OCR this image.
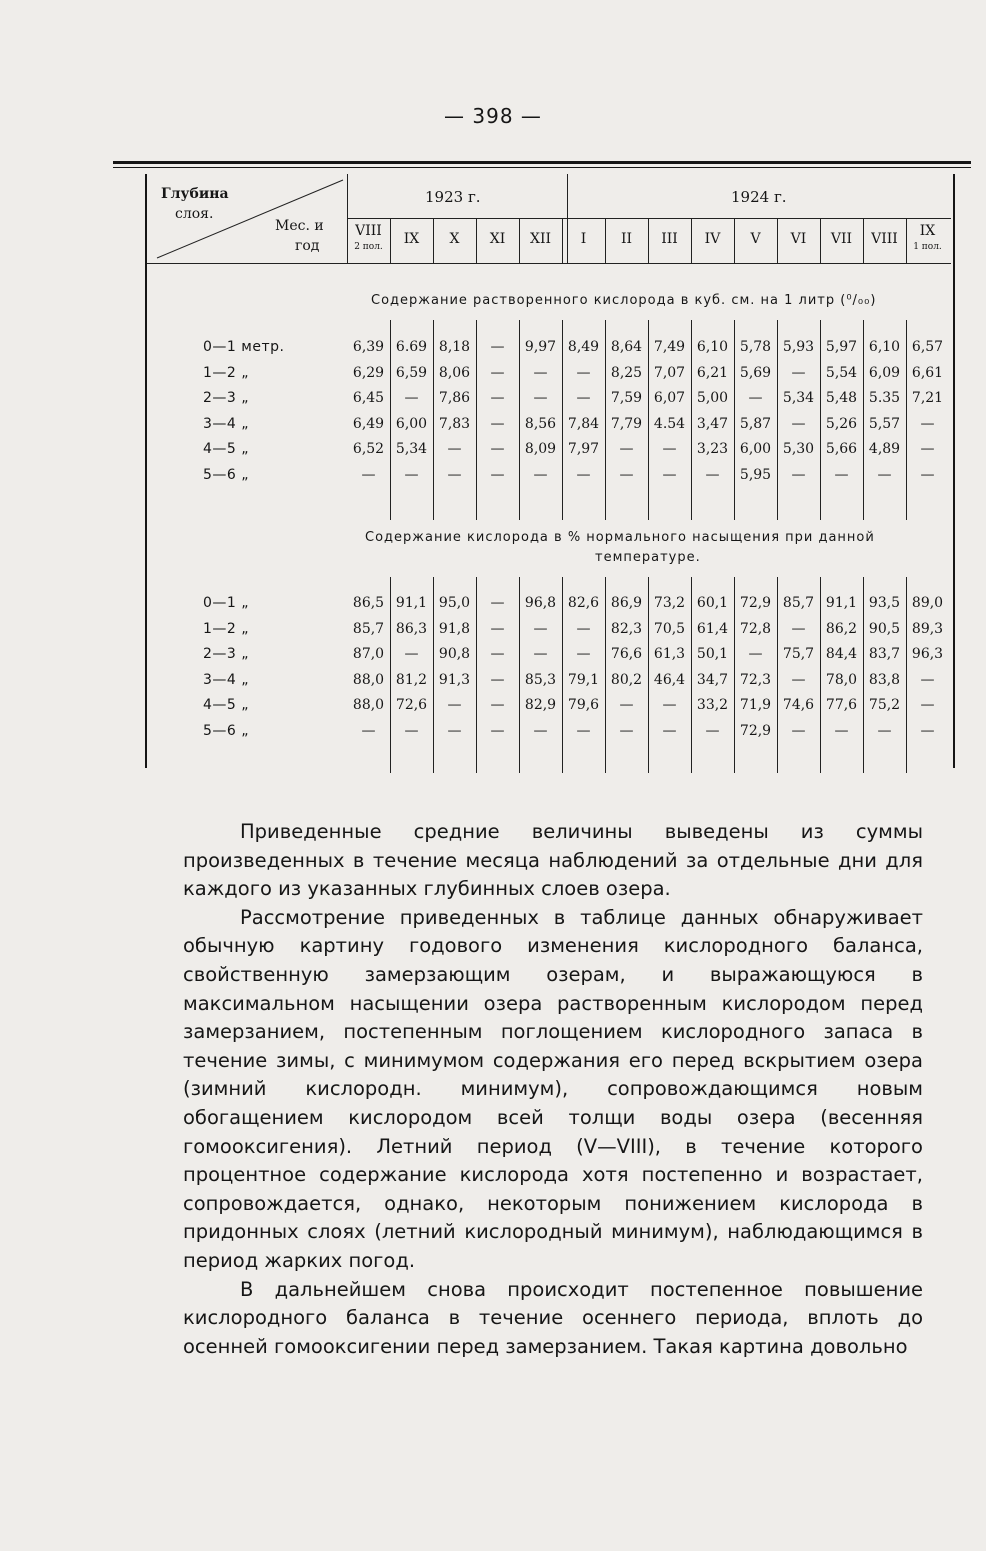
— 398 —
Глубина
слоя.
Мес. и
год
1923 г.	1924 г.
VIII
2 пол.	IX	X	XI	XII	I	II	III	IV	V	VI	VII	VIII	IX
1 пол.
Содержание растворенного кислорода в куб. см. на 1 литр (⁰/₀₀)
Содержание кислорода в % нормального насыщения при данной
температуре.
0—1 метр.	6,39 6.69 8,18	—	9,97 8,49 8,64 7,49 6,10 5,78 5,93 5,97 6,10 6,57
1—2 „	6,29 6,59 8,06	—	—	—	8,25 7,07 6,21 5,69	—	5,54 6,09 6,61
2—3 „	6,45	—	7,86	—	—	—	7,59 6,07 5,00	—	5,34 5,48 5.35 7,21
3—4 „	6,49 6,00 7,83	—	8,56 7,84 7,79 4.54 3,47 5,87	—	5,26 5,57	—
4—5 „	6,52 5,34	—	—	8,09 7,97	—	—	3,23 6,00 5,30 5,66 4,89	—
5—6 „	—	—	—	—	—	—	—	—	—	5,95	—	—	—	—
0—1 „	86,5 91,1 95,0	—	96,8 82,6 86,9 73,2 60,1 72,9 85,7 91,1 93,5 89,0
1—2 „	85,7 86,3 91,8	—	—	—	82,3 70,5 61,4 72,8	—	86,2 90,5 89,3
2—3 „	87,0	—	90,8	—	—	—	76,6 61,3 50,1	—	75,7 84,4 83,7 96,3
3—4 „	88,0 81,2 91,3	—	85,3 79,1 80,2 46,4 34,7 72,3	—	78,0 83,8	—
4—5 „	88,0 72,6	—	—	82,9 79,6	—	—	33,2 71,9 74,6 77,6 75,2	—
5—6 „	—	—	—	—	—	—	—	—	—	72,9	—	—	—	—

Приведенные средние величины выведены из суммы произведенных в течение месяца наблюдений за отдельные дни для каждого из указанных глубинных слоев озера.

Рассмотрение приведенных в таблице данных обнаруживает обычную картину годового изменения кислородного баланса, свойственную замерзающим озерам, и выражающуюся в максимальном насыщении озера растворенным кислородом перед замерзанием, постепенным поглощением кислородного запаса в течение зимы, с минимумом содержания его перед вскрытием озера (зимний кислородн. минимум), сопровождающимся новым обогащением кислородом всей толщи воды озера (весенняя гомооксигения). Летний период (V—VIII), в течение которого процентное содержание кислорода хотя постепенно и возрастает, сопровождается, однако, некоторым понижением кислорода в придонных слоях (летний кислородный минимум), наблюдающимся в период жарких погод.

В дальнейшем снова происходит постепенное повышение кислородного баланса в течение осеннего периода, вплоть до осенней гомооксигении перед замерзанием. Такая картина довольно
